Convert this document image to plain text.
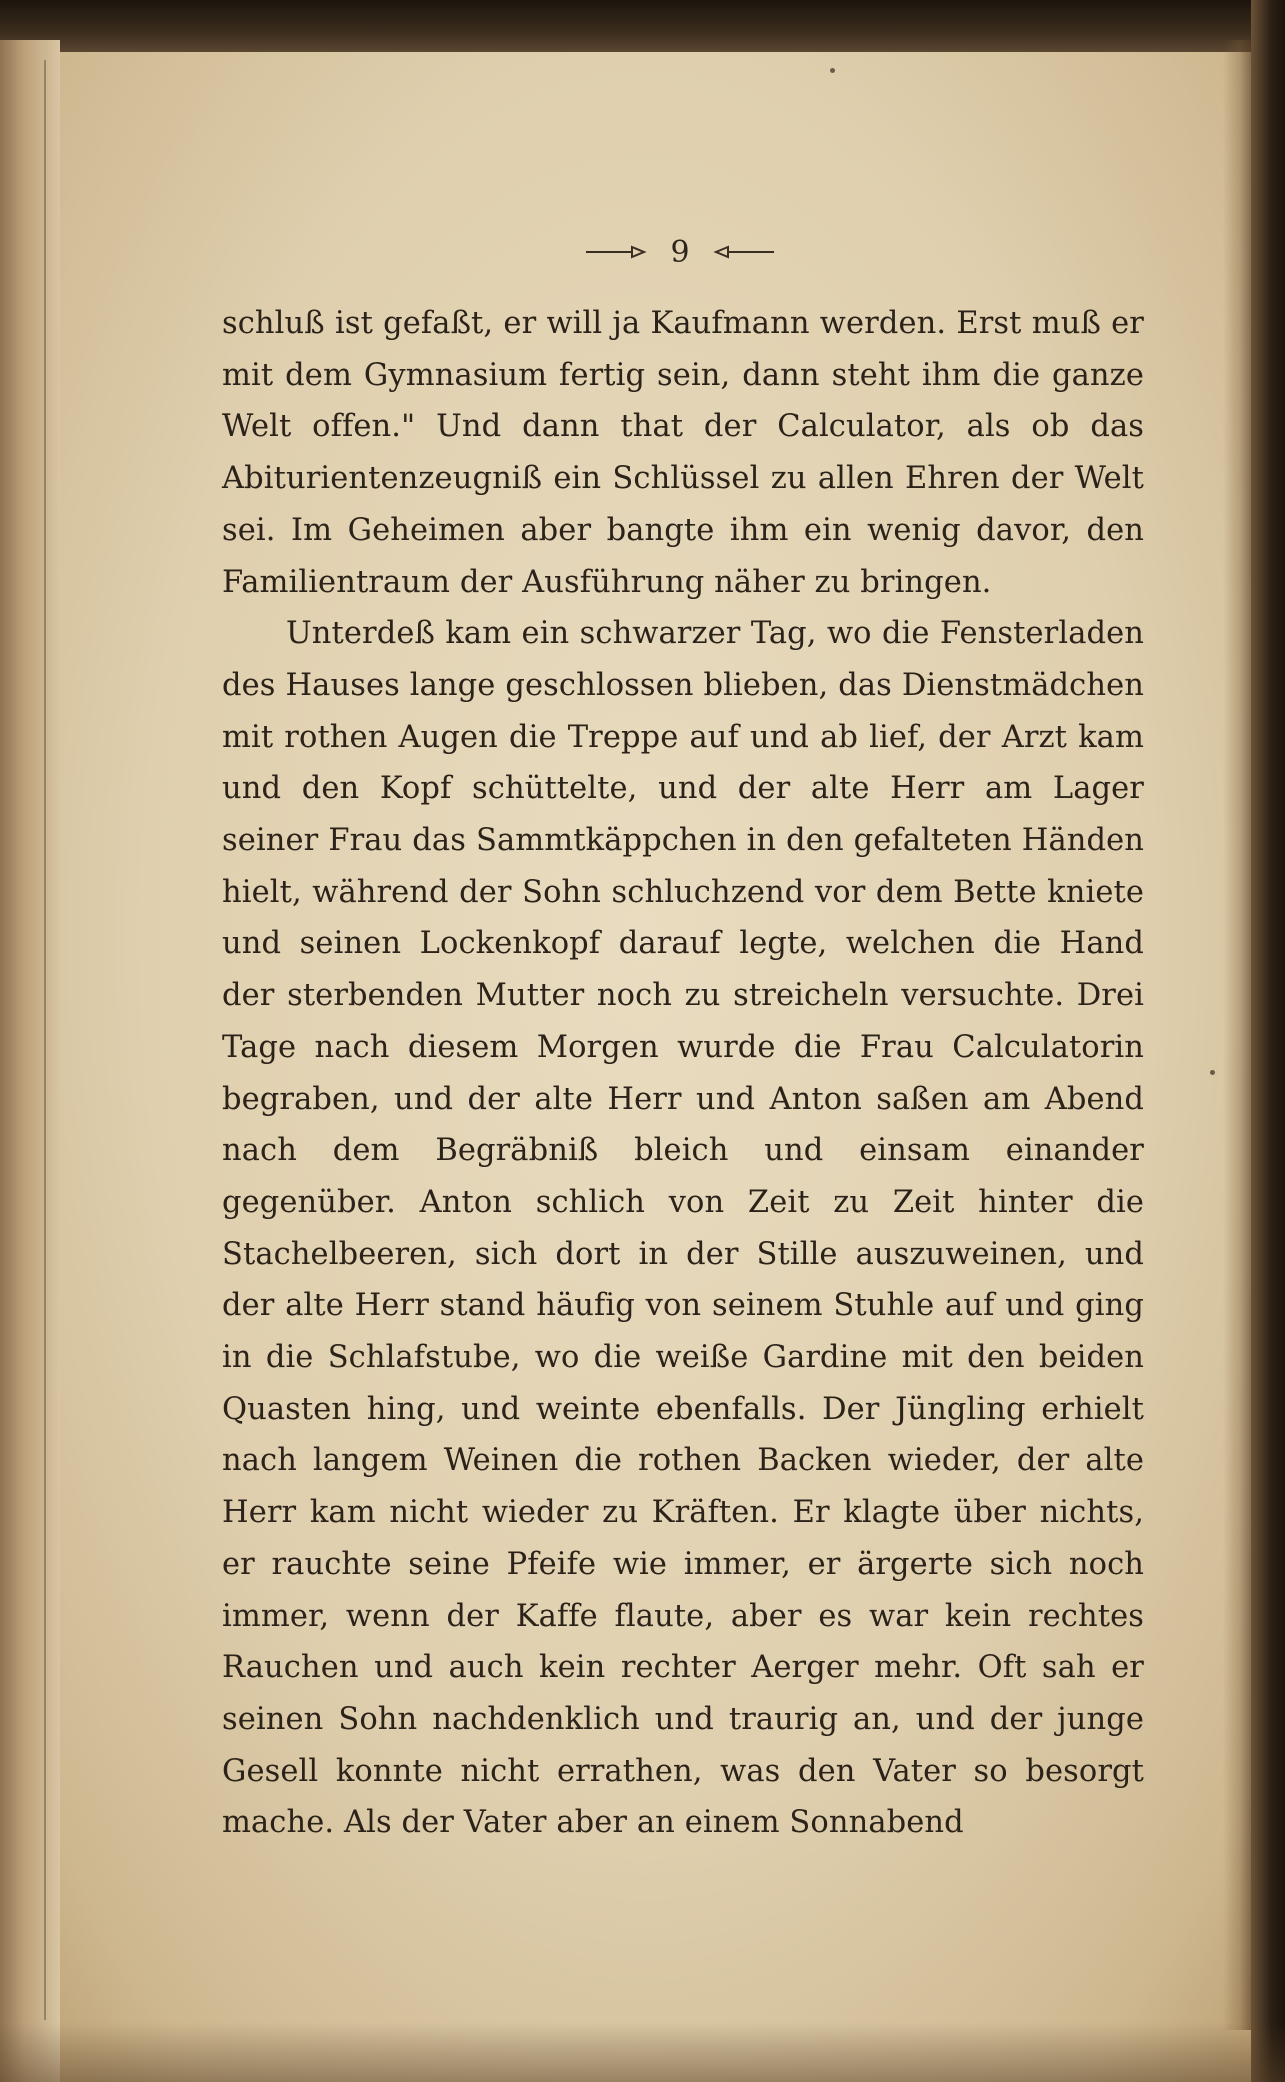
9

schluß ist gefaßt, er will ja Kaufmann werden. Erst muß er mit dem Gymnasium fertig sein, dann steht ihm die ganze Welt offen." Und dann that der Calculator, als ob das Abiturientenzeugniß ein Schlüssel zu allen Ehren der Welt sei. Im Geheimen aber bangte ihm ein wenig davor, den Familientraum der Ausführung näher zu bringen.

Unterdeß kam ein schwarzer Tag, wo die Fensterladen des Hauses lange geschlossen blieben, das Dienstmädchen mit rothen Augen die Treppe auf und ab lief, der Arzt kam und den Kopf schüttelte, und der alte Herr am Lager seiner Frau das Sammtkäppchen in den gefalteten Händen hielt, während der Sohn schluchzend vor dem Bette kniete und seinen Lockenkopf darauf legte, welchen die Hand der sterbenden Mutter noch zu streicheln versuchte. Drei Tage nach diesem Morgen wurde die Frau Calculatorin begraben, und der alte Herr und Anton saßen am Abend nach dem Begräbniß bleich und einsam einander gegenüber. Anton schlich von Zeit zu Zeit hinter die Stachelbeeren, sich dort in der Stille auszuweinen, und der alte Herr stand häufig von seinem Stuhle auf und ging in die Schlafstube, wo die weiße Gardine mit den beiden Quasten hing, und weinte ebenfalls. Der Jüngling erhielt nach langem Weinen die rothen Backen wieder, der alte Herr kam nicht wieder zu Kräften. Er klagte über nichts, er rauchte seine Pfeife wie immer, er ärgerte sich noch immer, wenn der Kaffe flaute, aber es war kein rechtes Rauchen und auch kein rechter Aerger mehr. Oft sah er seinen Sohn nachdenklich und traurig an, und der junge Gesell konnte nicht errathen, was den Vater so besorgt mache. Als der Vater aber an einem Sonnabend
